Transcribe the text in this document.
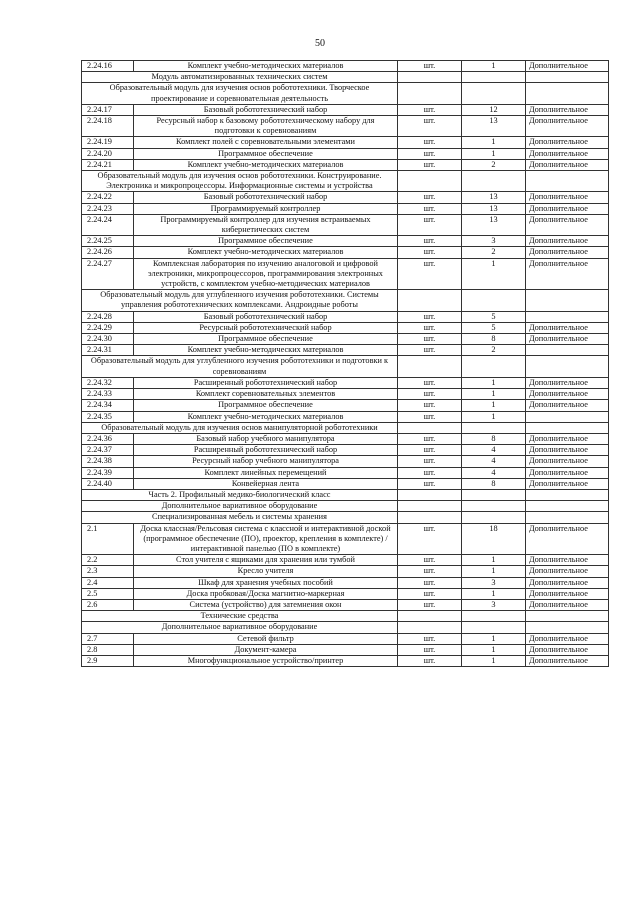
50
2.24.16	Комплект учебно-методических материалов	шт.	1	Дополнительное
Модуль автоматизированных технических систем				
Образовательный модуль для изучения основ робототехники. Творческое проектирование и соревновательная деятельность				
2.24.17	Базовый робототехнический набор	шт.	12	Дополнительное
2.24.18	Ресурсный набор к базовому робототехническому набору для подготовки к соревнованиям	шт.	13	Дополнительное
2.24.19	Комплект полей с соревновательными элементами	шт.	1	Дополнительное
2.24.20	Программное обеспечение	шт.	1	Дополнительное
2.24.21	Комплект учебно-методических материалов	шт.	2	Дополнительное
Образовательный модуль для изучения основ робототехники. Конструирование. Электроника и микропроцессоры. Информационные системы и устройства				
2.24.22	Базовый робототехнический набор	шт.	13	Дополнительное
2.24.23	Программируемый контроллер	шт.	13	Дополнительное
2.24.24	Программируемый контроллер для изучения встраиваемых кибернетических систем	шт.	13	Дополнительное
2.24.25	Программное обеспечение	шт.	3	Дополнительное
2.24.26	Комплект учебно-методических материалов	шт.	2	Дополнительное
2.24.27	Комплексная лаборатория по изучению аналоговой и цифровой электроники, микропроцессоров, программирования электронных устройств, с комплектом учебно-методических материалов	шт.	1	Дополнительное
Образовательный модуль для углубленного изучения робототехники. Системы управления робототехнических комплексами. Андроидные роботы				
2.24.28	Базовый робототехнический набор	шт.	5	
2.24.29	Ресурсный робототехнический набор	шт.	5	Дополнительное
2.24.30	Программное обеспечение	шт.	8	Дополнительное
2.24.31	Комплект учебно-методических материалов	шт.	2	
Образовательный модуль для углубленного изучения робототехники и подготовки к соревнованиям				
2.24.32	Расширенный робототехнический набор	шт.	1	Дополнительное
2.24.33	Комплект соревновательных элементов	шт.	1	Дополнительное
2.24.34	Программное обеспечение	шт.	1	Дополнительное
2.24.35	Комплект учебно-методических материалов	шт.	1	
Образовательный модуль для изучения основ манипуляторной робототехники				
2.24.36	Базовый набор учебного манипулятора	шт.	8	Дополнительное
2.24.37	Расширенный робототехнический набор	шт.	4	Дополнительное
2.24.38	Ресурсный набор учебного манипулятора	шт.	4	Дополнительное
2.24.39	Комплект линейных перемещений	шт.	4	Дополнительное
2.24.40	Конвейерная лента	шт.	8	Дополнительное
Часть 2. Профильный медико-биологический класс				
Дополнительное вариативное оборудование				
Специализированная мебель и системы хранения				
2.1	Доска классная/Рельсовая система с классной и интерактивной доской (программное обеспечение (ПО), проектор, крепления в комплекте) / интерактивной панелью (ПО в комплекте)	шт.	18	Дополнительное
2.2	Стол учителя с ящиками для хранения или тумбой	шт.	1	Дополнительное
2.3	Кресло учителя	шт.	1	Дополнительное
2.4	Шкаф для хранения учебных пособий	шт.	3	Дополнительное
2.5	Доска пробковая/Доска магнитно-маркерная	шт.	1	Дополнительное
2.6	Система (устройство) для затемнения окон	шт.	3	Дополнительное
Технические средства				
Дополнительное вариативное оборудование				
2.7	Сетевой фильтр	шт.	1	Дополнительное
2.8	Документ-камера	шт.	1	Дополнительное
2.9	Многофункциональное устройство/принтер	шт.	1	Дополнительное
